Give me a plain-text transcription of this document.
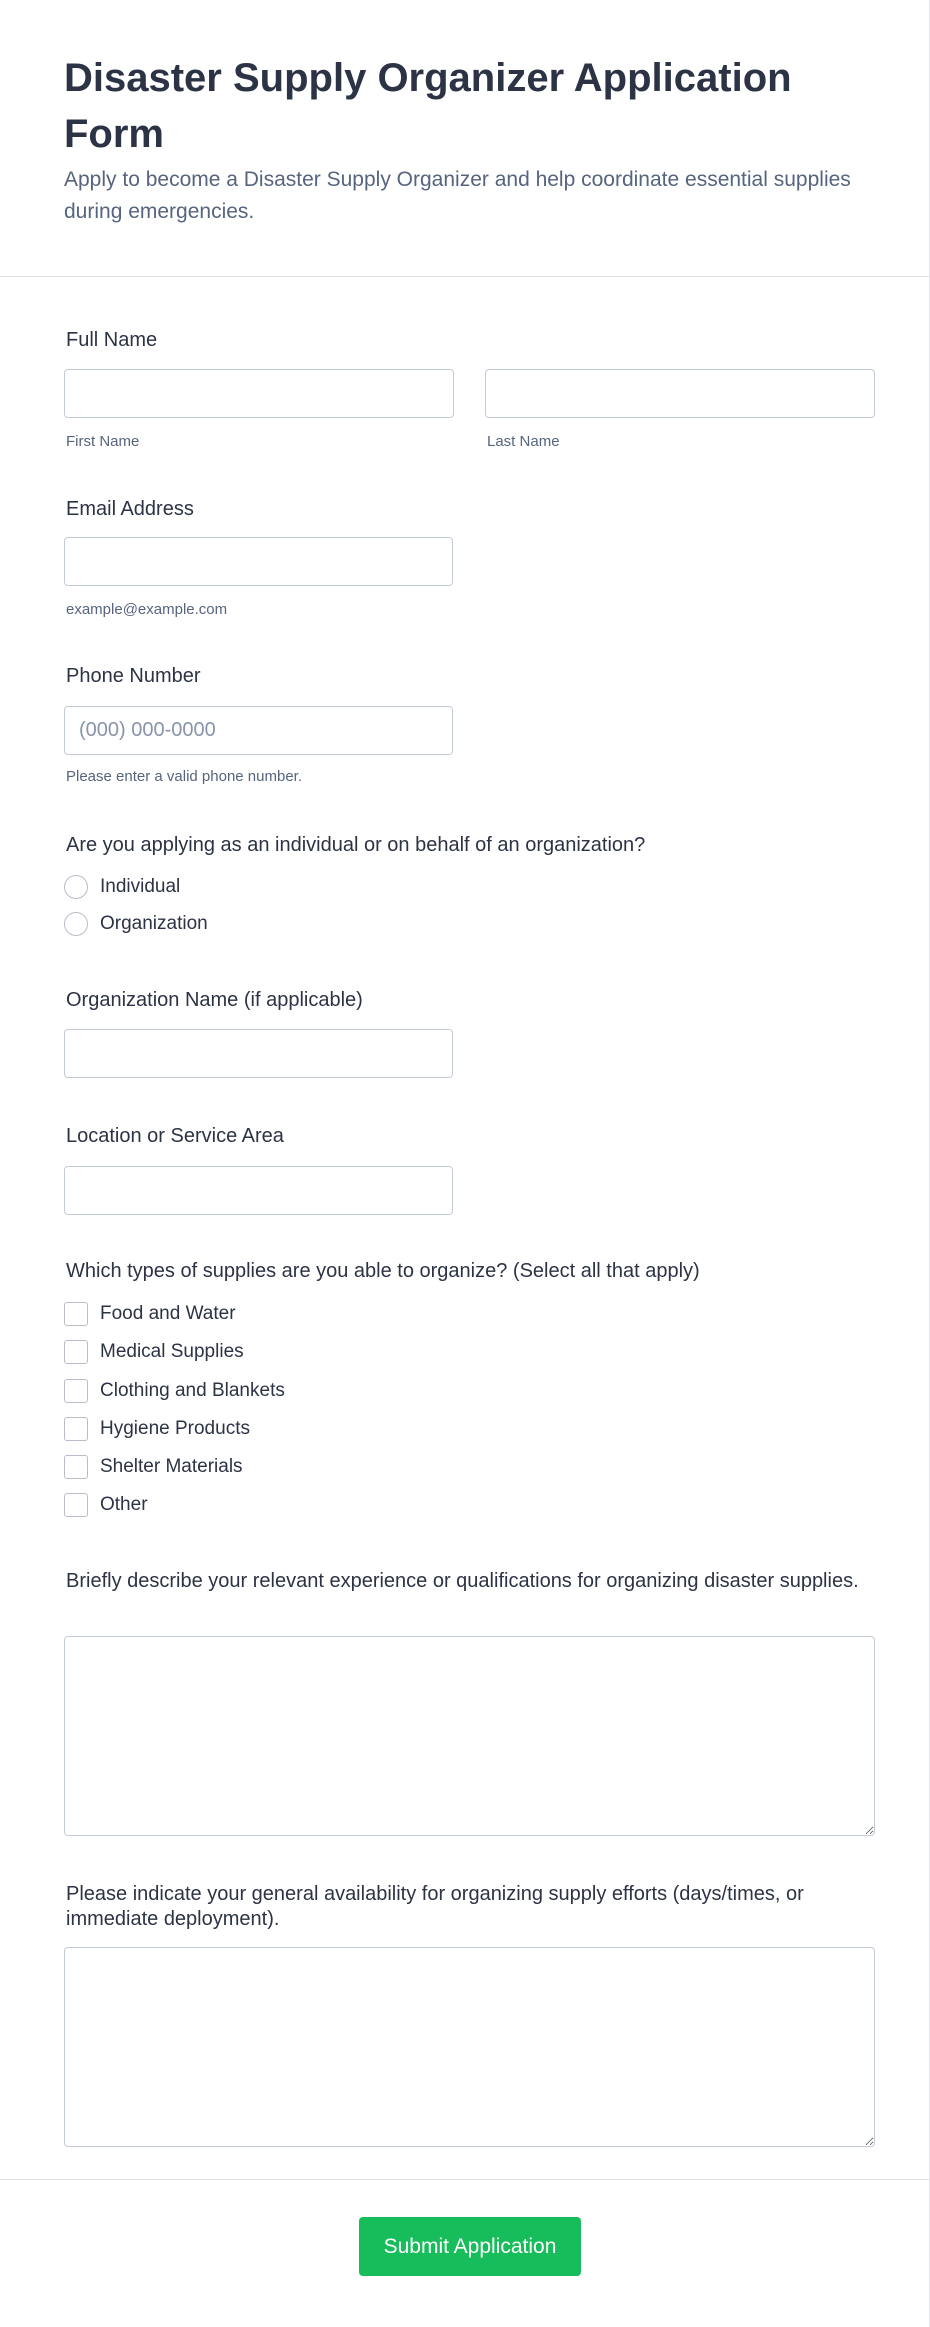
Disaster Supply Organizer Application Form
Apply to become a Disaster Supply Organizer and help coordinate essential supplies during emergencies.
Full Name
First Name	Last Name
Email Address
example@example.com
Phone Number
(000) 000-0000
Please enter a valid phone number.
Are you applying as an individual or on behalf of an organization?
Individual
Organization
Organization Name (if applicable)
Location or Service Area
Which types of supplies are you able to organize? (Select all that apply)
Food and Water
Medical Supplies
Clothing and Blankets
Hygiene Products
Shelter Materials
Other
Briefly describe your relevant experience or qualifications for organizing disaster supplies.
Please indicate your general availability for organizing supply efforts (days/times, or immediate deployment).
Submit Application
